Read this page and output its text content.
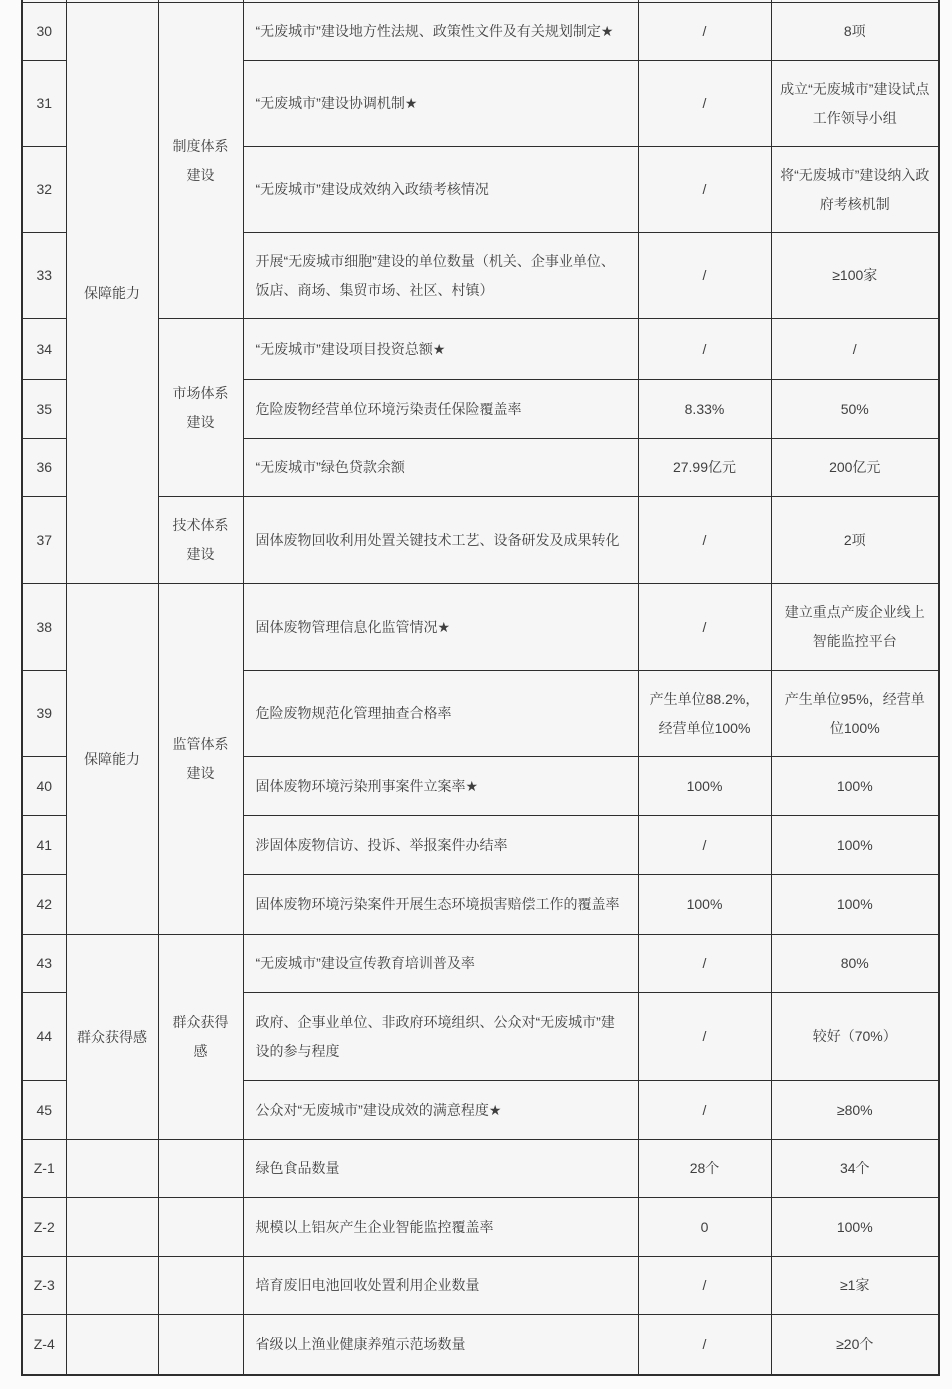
30	保障能力	制度体系建设	“无废城市”建设地方性法规、政策性文件及有关规划制定★	/	8项
31			“无废城市”建设协调机制★	/	成立“无废城市”建设试点工作领导小组
32			“无废城市”建设成效纳入政绩考核情况	/	将“无废城市”建设纳入政府考核机制
33			开展“无废城市细胞”建设的单位数量（机关、企事业单位、饭店、商场、集贸市场、社区、村镇）	/	≥100家
34		市场体系建设	“无废城市”建设项目投资总额★	/	/
35			危险废物经营单位环境污染责任保险覆盖率	8.33%	50%
36			“无废城市”绿色贷款余额	27.99亿元	200亿元
37		技术体系建设	固体废物回收利用处置关键技术工艺、设备研发及成果转化	/	2项
38	保障能力	监管体系建设	固体废物管理信息化监管情况★	/	建立重点产废企业线上智能监控平台
39			危险废物规范化管理抽查合格率	产生单位88.2%，经营单位100%	产生单位95%，经营单位100%
40			固体废物环境污染刑事案件立案率★	100%	100%
41			涉固体废物信访、投诉、举报案件办结率	/	100%
42			固体废物环境污染案件开展生态环境损害赔偿工作的覆盖率	100%	100%
43	群众获得感	群众获得感	“无废城市”建设宣传教育培训普及率	/	80%
44			政府、企事业单位、非政府环境组织、公众对“无废城市”建设的参与程度	/	较好（70%）
45			公众对“无废城市”建设成效的满意程度★	/	≥80%
Z-1			绿色食品数量	28个	34个
Z-2			规模以上铝灰产生企业智能监控覆盖率	0	100%
Z-3			培育废旧电池回收处置利用企业数量	/	≥1家
Z-4			省级以上渔业健康养殖示范场数量	/	≥20个
